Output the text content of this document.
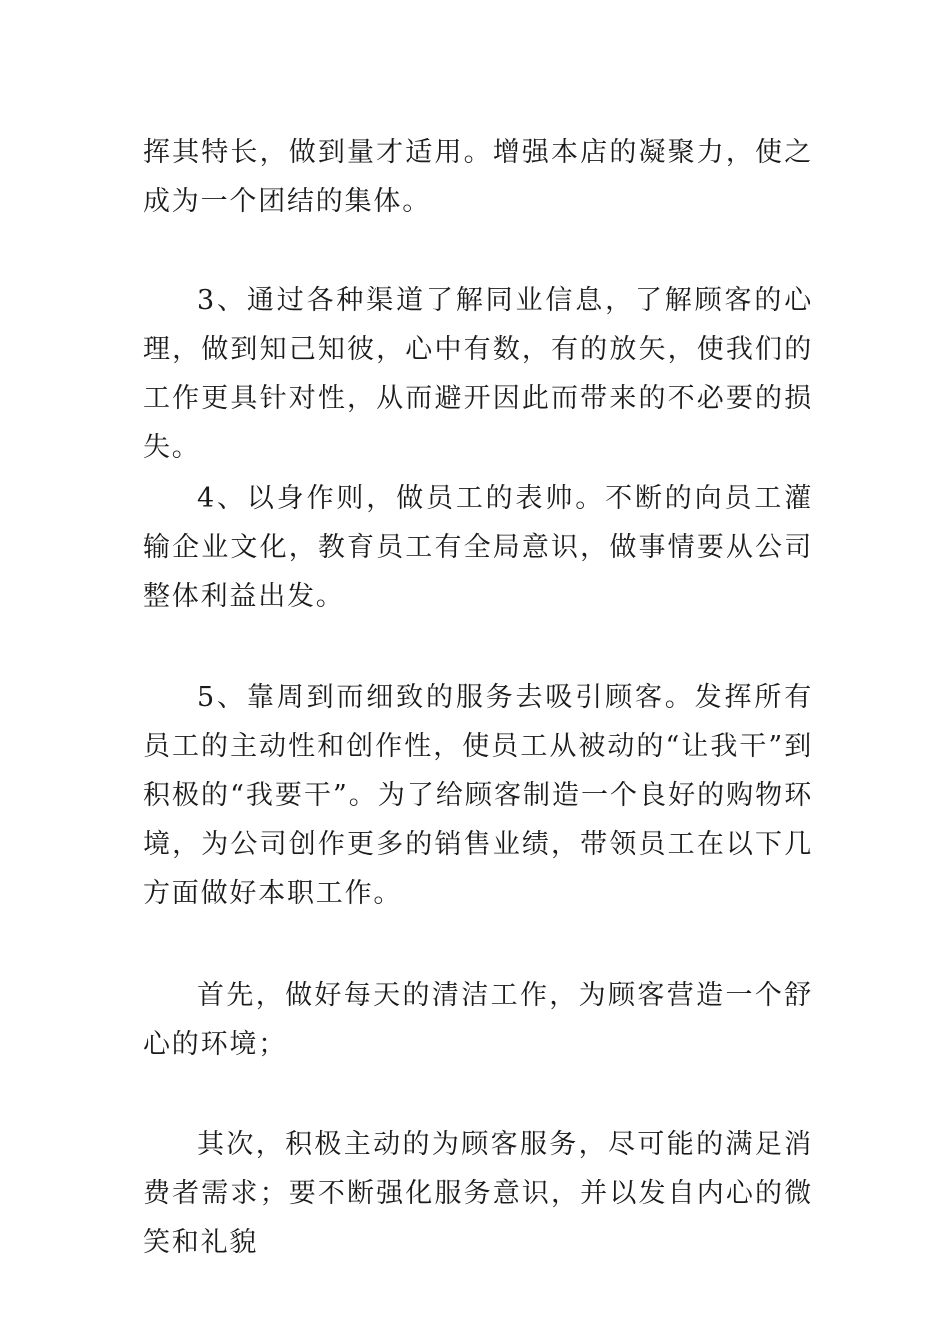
挥其特长，做到量才适用。增强本店的凝聚力，使之成为一个团结的集体。

3、通过各种渠道了解同业信息，了解顾客的心理，做到知己知彼，心中有数，有的放矢，使我们的工作更具针对性，从而避开因此而带来的不必要的损失。

4、以身作则，做员工的表帅。不断的向员工灌输企业文化，教育员工有全局意识，做事情要从公司整体利益出发。

5、靠周到而细致的服务去吸引顾客。发挥所有员工的主动性和创作性，使员工从被动的“让我干”到积极的“我要干”。为了给顾客制造一个良好的购物环境，为公司创作更多的销售业绩，带领员工在以下几方面做好本职工作。

首先，做好每天的清洁工作，为顾客营造一个舒心的环境；

其次，积极主动的为顾客服务，尽可能的满足消费者需求；要不断强化服务意识，并以发自内心的微笑和礼貌
